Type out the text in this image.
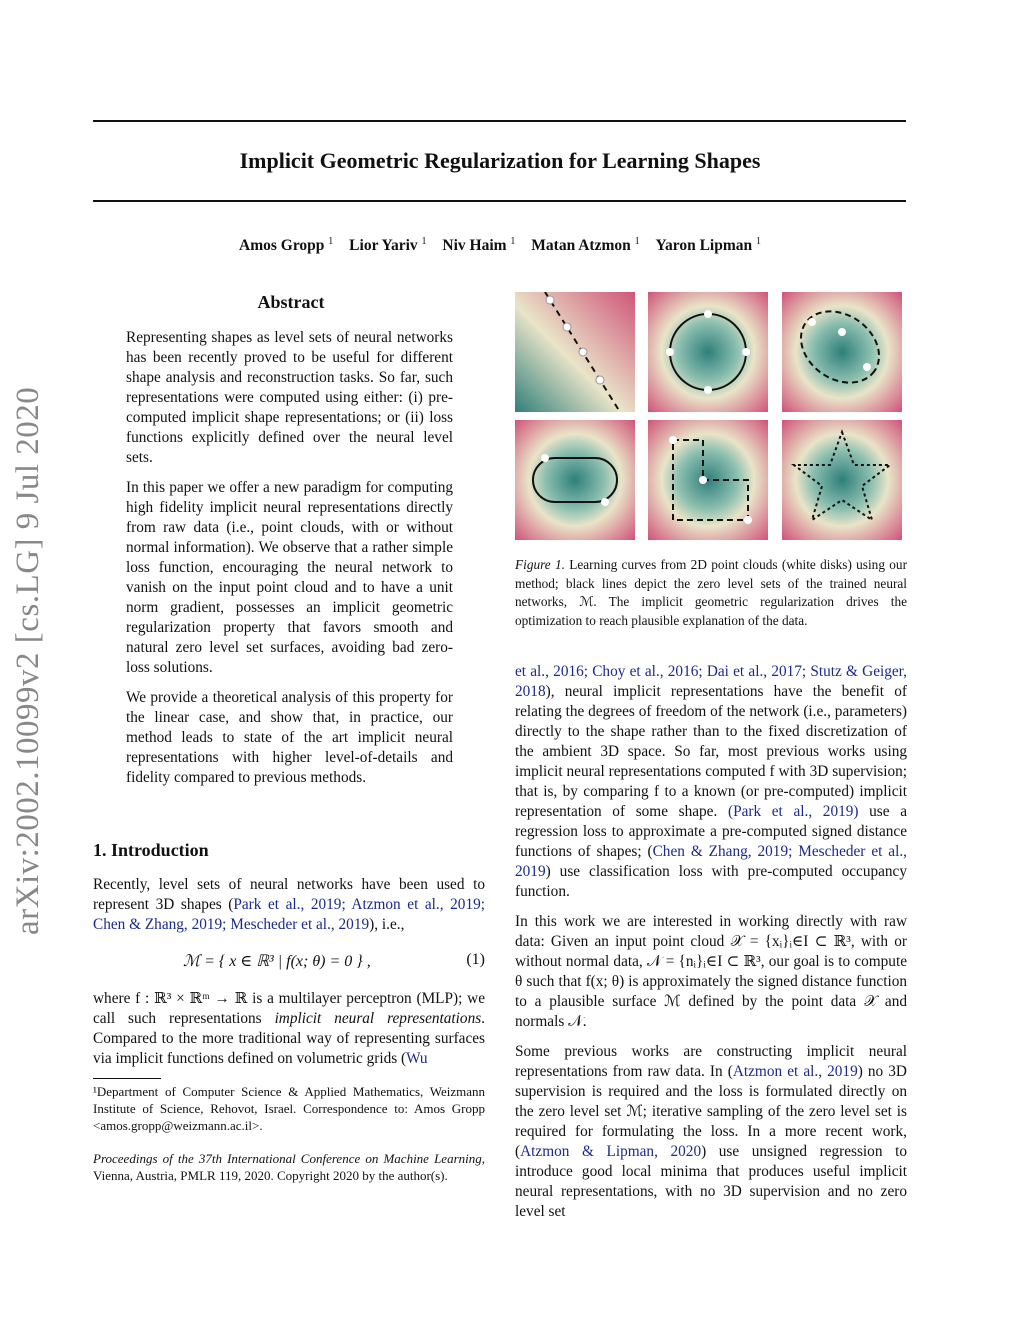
Implicit Geometric Regularization for Learning Shapes
Amos Gropp $^1$ Lior Yariv $^1$ Niv Haim $^1$ Matan Atzmon $^1$ Yaron Lipman $^1$
arXiv:2002.10099v2 [cs.LG] 9 Jul 2020
Abstract

Representing shapes as level sets of neural networks has been recently proved to be useful for different shape analysis and reconstruction tasks. So far, such representations were computed using either: (i) pre-computed implicit shape representations; or (ii) loss functions explicitly defined over the neural level sets.

In this paper we offer a new paradigm for computing high fidelity implicit neural representations directly from raw data (i.e., point clouds, with or without normal information). We observe that a rather simple loss function, encouraging the neural network to vanish on the input point cloud and to have a unit norm gradient, possesses an implicit geometric regularization property that favors smooth and natural zero level set surfaces, avoiding bad zero-loss solutions.

We provide a theoretical analysis of this property for the linear case, and show that, in practice, our method leads to state of the art implicit neural representations with higher level-of-details and fidelity compared to previous methods.

1. Introduction
Recently, level sets of neural networks have been used to represent 3D shapes (Park et al., 2019; Atzmon et al., 2019; Chen & Zhang, 2019; Mescheder et al., 2019), i.e.,
ℳ = { x ∈ ℝ³ | f(x; θ) = 0 } ,	(1)
where f : ℝ³ × ℝᵐ → ℝ is a multilayer perceptron (MLP); we call such representations implicit neural representations. Compared to the more traditional way of representing surfaces via implicit functions defined on volumetric grids (Wu
¹Department of Computer Science & Applied Mathematics, Weizmann Institute of Science, Rehovot, Israel. Correspondence to: Amos Gropp <amos.gropp@weizmann.ac.il>.
Proceedings of the 37th International Conference on Machine Learning, Vienna, Austria, PMLR 119, 2020. Copyright 2020 by the author(s).
Figure 1. Learning curves from 2D point clouds (white disks) using our method; black lines depict the zero level sets of the trained neural networks, ℳ. The implicit geometric regularization drives the optimization to reach plausible explanation of the data.

et al., 2016; Choy et al., 2016; Dai et al., 2017; Stutz & Geiger, 2018), neural implicit representations have the benefit of relating the degrees of freedom of the network (i.e., parameters) directly to the shape rather than to the fixed discretization of the ambient 3D space. So far, most previous works using implicit neural representations computed f with 3D supervision; that is, by comparing f to a known (or pre-computed) implicit representation of some shape. (Park et al., 2019) use a regression loss to approximate a pre-computed signed distance functions of shapes; (Chen & Zhang, 2019; Mescheder et al., 2019) use classification loss with pre-computed occupancy function.

In this work we are interested in working directly with raw data: Given an input point cloud 𝒳 = {xᵢ}ᵢ∈I ⊂ ℝ³, with or without normal data, 𝒩 = {nᵢ}ᵢ∈I ⊂ ℝ³, our goal is to compute θ such that f(x; θ) is approximately the signed distance function to a plausible surface ℳ defined by the point data 𝒳 and normals 𝒩.

Some previous works are constructing implicit neural representations from raw data. In (Atzmon et al., 2019) no 3D supervision is required and the loss is formulated directly on the zero level set ℳ; iterative sampling of the zero level set is required for formulating the loss. In a more recent work, (Atzmon & Lipman, 2020) use unsigned regression to introduce good local minima that produces useful implicit neural representations, with no 3D supervision and no zero level set
